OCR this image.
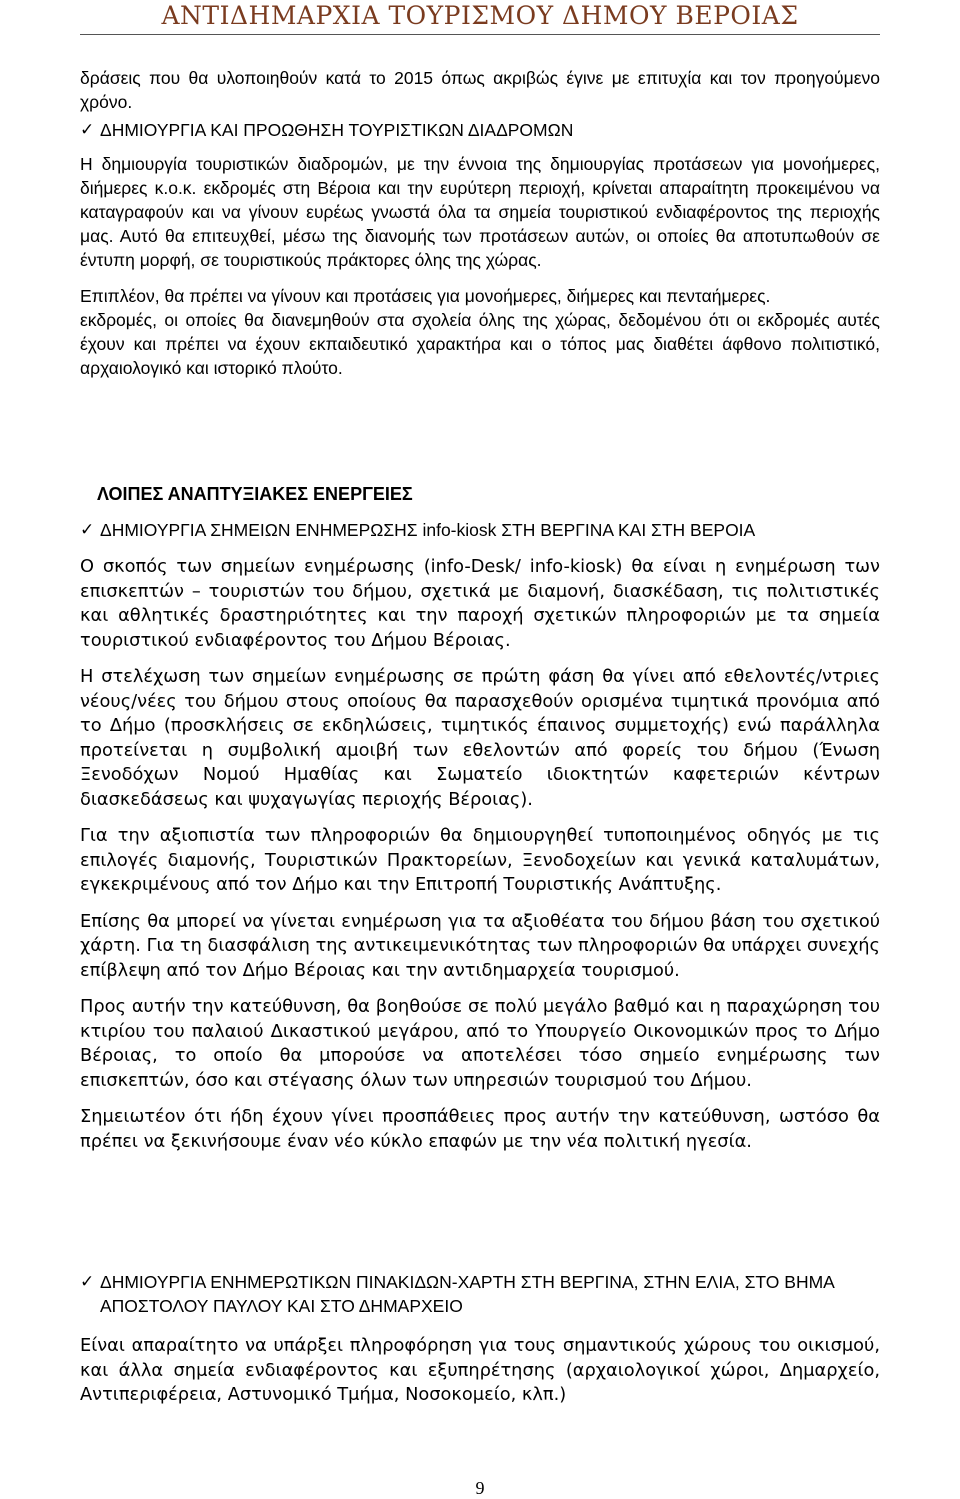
ΑΝΤΙΔΗΜΑΡΧΙΑ ΤΟΥΡΙΣΜΟΥ ΔΗΜΟΥ ΒΕΡΟΙΑΣ

δράσεις που θα υλοποιηθούν κατά το 2015 όπως ακριβώς έγινε με επιτυχία και τον προηγούμενο χρόνο.

✓ ΔΗΜΙΟΥΡΓΙΑ ΚΑΙ ΠΡΟΩΘΗΣΗ ΤΟΥΡΙΣΤΙΚΩΝ ΔΙΑΔΡΟΜΩΝ

Η δημιουργία τουριστικών διαδρομών, με την έννοια της δημιουργίας προτάσεων για μονοήμερες, διήμερες κ.ο.κ. εκδρομές στη Βέροια και την ευρύτερη περιοχή, κρίνεται απαραίτητη προκειμένου να καταγραφούν και να γίνουν ευρέως γνωστά όλα τα σημεία τουριστικού ενδιαφέροντος της περιοχής μας. Αυτό θα επιτευχθεί, μέσω της διανομής των προτάσεων αυτών, οι οποίες θα αποτυπωθούν σε έντυπη μορφή, σε τουριστικούς πράκτορες όλης της χώρας.

Επιπλέον, θα πρέπει να γίνουν και προτάσεις για μονοήμερες, διήμερες και πενταήμερες.

εκδρομές, οι οποίες θα διανεμηθούν στα σχολεία όλης της χώρας, δεδομένου ότι οι εκδρομές αυτές έχουν και πρέπει να έχουν εκπαιδευτικό χαρακτήρα και ο τόπος μας διαθέτει άφθονο πολιτιστικό, αρχαιολογικό και ιστορικό πλούτο.

ΛΟΙΠΕΣ ΑΝΑΠΤΥΞΙΑΚΕΣ ΕΝΕΡΓΕΙΕΣ
✓ ΔΗΜΙΟΥΡΓΙΑ ΣΗΜΕΙΩΝ ΕΝΗΜΕΡΩΣΗΣ info-kiosk ΣΤΗ ΒΕΡΓΙΝΑ ΚΑΙ ΣΤΗ ΒΕΡΟΙΑ

Ο σκοπός των σημείων ενημέρωσης (info-Desk/ info-kiosk) θα είναι η ενημέρωση των επισκεπτών – τουριστών του δήμου, σχετικά με διαμονή, διασκέδαση, τις πολιτιστικές και αθλητικές δραστηριότητες και την παροχή σχετικών πληροφοριών με τα σημεία τουριστικού ενδιαφέροντος του Δήμου Βέροιας.

Η στελέχωση των σημείων ενημέρωσης σε πρώτη φάση θα γίνει από εθελοντές/ντριες νέους/νέες του δήμου στους οποίους θα παρασχεθούν ορισμένα τιμητικά προνόμια από το Δήμο (προσκλήσεις σε εκδηλώσεις, τιμητικός έπαινος συμμετοχής) ενώ παράλληλα προτείνεται η συμβολική αμοιβή των εθελοντών από φορείς του δήμου (Ένωση Ξενοδόχων Νομού Ημαθίας και Σωματείο ιδιοκτητών καφετεριών κέντρων διασκεδάσεως και ψυχαγωγίας περιοχής Βέροιας).

Για την αξιοπιστία των πληροφοριών θα δημιουργηθεί τυποποιημένος οδηγός με τις επιλογές διαμονής, Τουριστικών Πρακτορείων, Ξενοδοχείων και γενικά καταλυμάτων, εγκεκριμένους από τον Δήμο και την Επιτροπή Τουριστικής Ανάπτυξης.

Επίσης θα μπορεί να γίνεται ενημέρωση για τα αξιοθέατα του δήμου βάση του σχετικού χάρτη. Για τη διασφάλιση της αντικειμενικότητας των πληροφοριών θα υπάρχει συνεχής επίβλεψη από τον Δήμο Βέροιας και την αντιδημαρχεία τουρισμού.

Προς αυτήν την κατεύθυνση, θα βοηθούσε σε πολύ μεγάλο βαθμό και η παραχώρηση του κτιρίου του παλαιού Δικαστικού μεγάρου, από το Υπουργείο Οικονομικών προς το Δήμο Βέροιας, το οποίο θα μπορούσε να αποτελέσει τόσο σημείο ενημέρωσης των επισκεπτών, όσο και στέγασης όλων των υπηρεσιών τουρισμού του Δήμου.

Σημειωτέον ότι ήδη έχουν γίνει προσπάθειες προς αυτήν την κατεύθυνση, ωστόσο θα πρέπει να ξεκινήσουμε έναν νέο κύκλο επαφών με την νέα πολιτική ηγεσία.

✓ ΔΗΜΙΟΥΡΓΙΑ ΕΝΗΜΕΡΩΤΙΚΩΝ ΠΙΝΑΚΙΔΩΝ-ΧΑΡΤΗ ΣΤΗ ΒΕΡΓΙΝΑ, ΣΤΗΝ ΕΛΙΑ, ΣΤΟ ΒΗΜΑ ΑΠΟΣΤΟΛΟΥ ΠΑΥΛΟΥ ΚΑΙ ΣΤΟ ΔΗΜΑΡΧΕΙΟ

Είναι απαραίτητο να υπάρξει πληροφόρηση για τους σημαντικούς χώρους του οικισμού, και άλλα σημεία ενδιαφέροντος και εξυπηρέτησης (αρχαιολογικοί χώροι, Δημαρχείο, Αντιπεριφέρεια, Αστυνομικό Τμήμα, Νοσοκομείο, κλπ.)

9
